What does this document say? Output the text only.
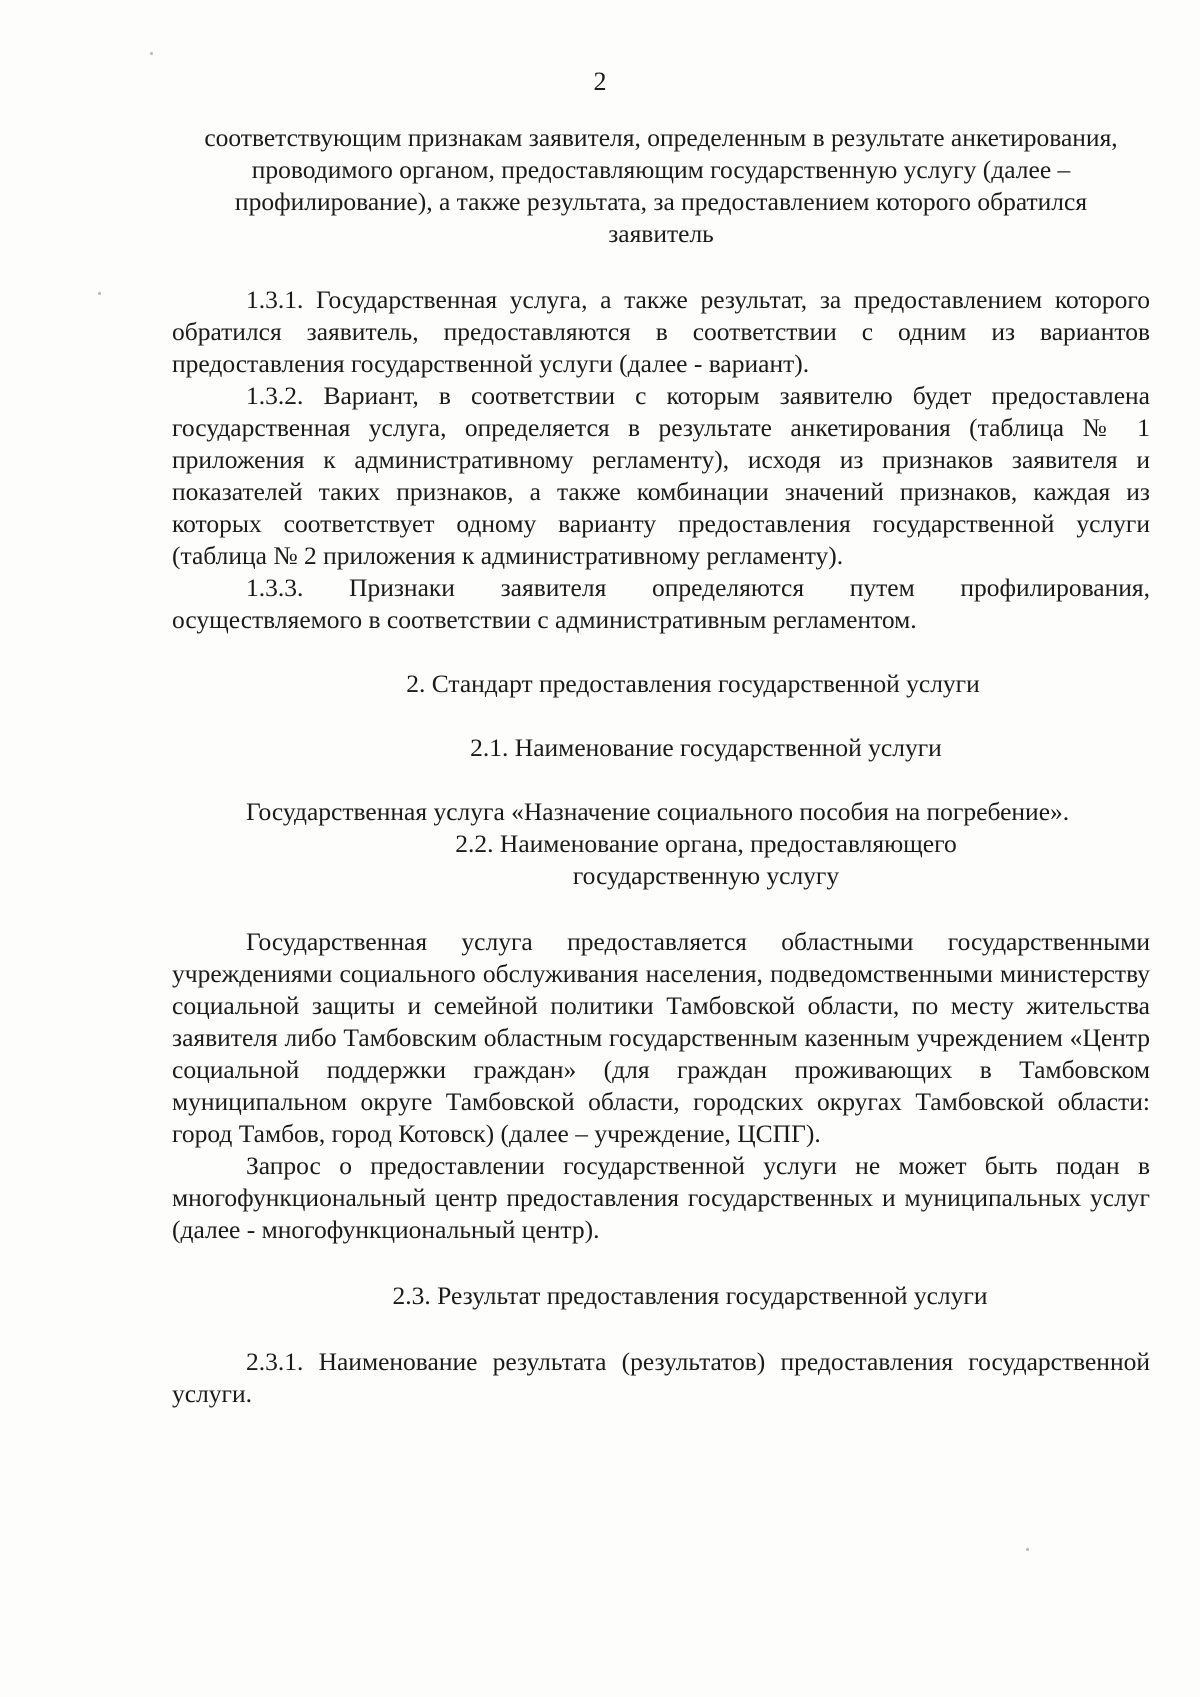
2

соответствующим признакам заявителя, определенным в результате анкетирования, проводимого органом, предоставляющим государственную услугу (далее – профилирование), а также результата, за предоставлением которого обратился заявитель

1.3.1. Государственная услуга, а также результат, за предоставлением которого обратился заявитель, предоставляются в соответствии с одним из вариантов предоставления государственной услуги (далее - вариант).

1.3.2. Вариант, в соответствии с которым заявителю будет предоставлена государственная услуга, определяется в результате анкетирования (таблица № 1 приложения к административному регламенту), исходя из признаков заявителя и показателей таких признаков, а также комбинации значений признаков, каждая из которых соответствует одному варианту предоставления государственной услуги (таблица № 2 приложения к административному регламенту).

1.3.3. Признаки заявителя определяются путем профилирования, осуществляемого в соответствии с административным регламентом.

2. Стандарт предоставления государственной услуги

2.1. Наименование государственной услуги

Государственная услуга «Назначение социального пособия на погребение».

2.2. Наименование органа, предоставляющего

государственную услугу

Государственная услуга предоставляется областными государственными учреждениями социального обслуживания населения, подведомственными министерству социальной защиты и семейной политики Тамбовской области, по месту жительства заявителя либо Тамбовским областным государственным казенным учреждением «Центр социальной поддержки граждан» (для граждан проживающих в Тамбовском муниципальном округе Тамбовской области, городских округах Тамбовской области: город Тамбов, город Котовск) (далее – учреждение, ЦСПГ).

Запрос о предоставлении государственной услуги не может быть подан в многофункциональный центр предоставления государственных и муниципальных услуг (далее - многофункциональный центр).

2.3. Результат предоставления государственной услуги

2.3.1. Наименование результата (результатов) предоставления государственной услуги.
